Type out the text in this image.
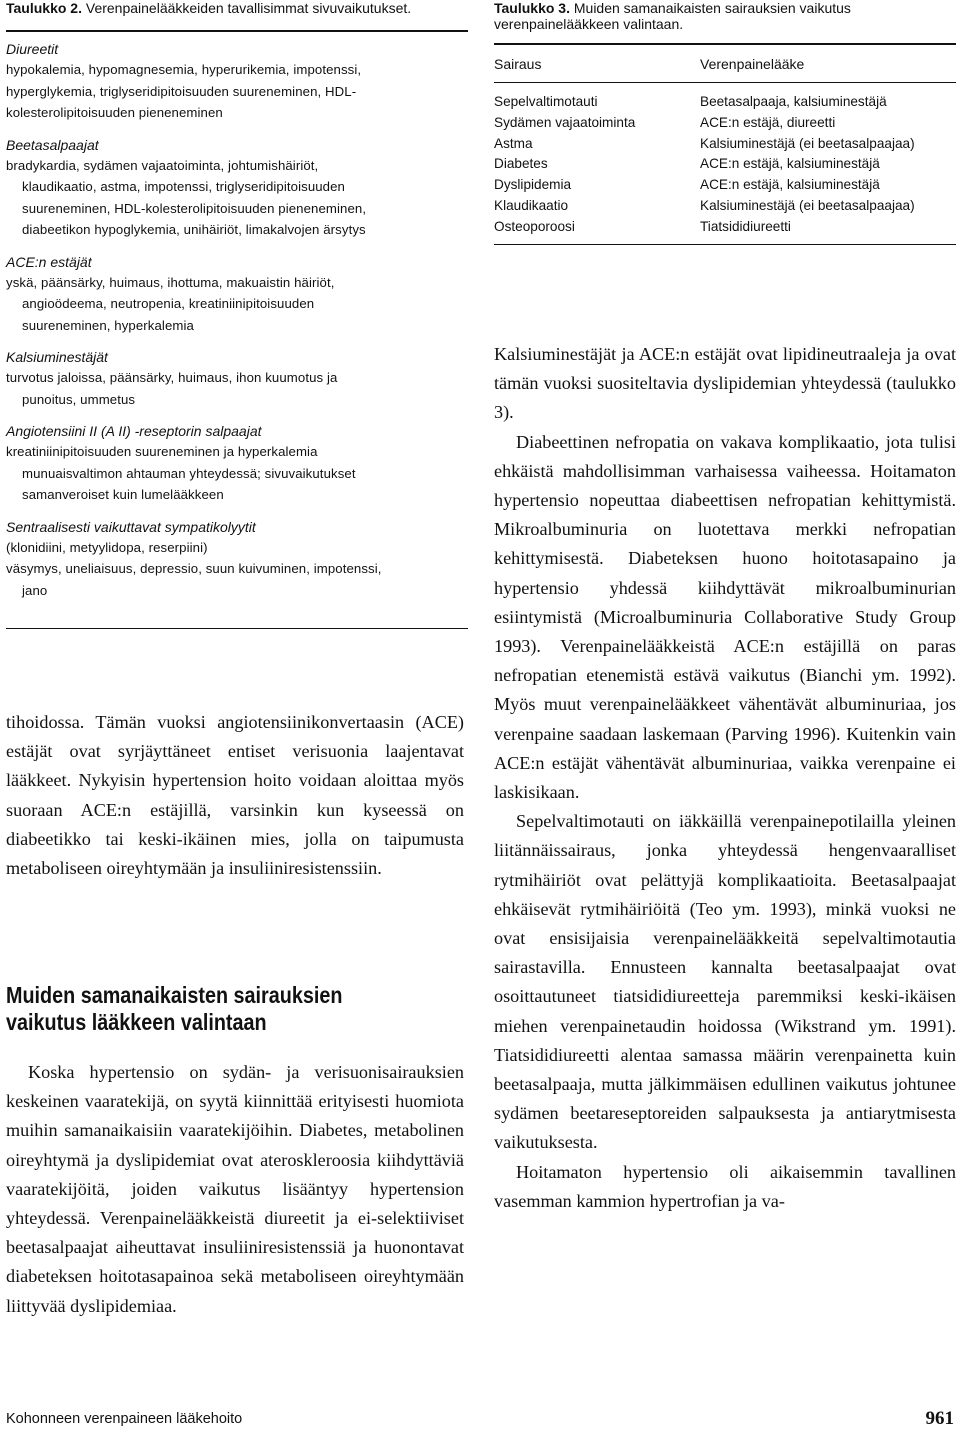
Taulukko 2. Verenpainelääkkeiden tavallisimmat sivuvaikutukset.
Diureetit
hypokalemia, hypomagnesemia, hyperurikemia, impotenssi,
hyperglykemia, triglyseridipitoisuuden suureneminen, HDL-
kolesterolipitoisuuden pieneneminen
Beetasalpaajat
bradykardia, sydämen vajaatoiminta, johtumishäiriöt,
klaudikaatio, astma, impotenssi, triglyseridipitoisuuden
suureneminen, HDL-kolesterolipitoisuuden pieneneminen,
diabeetikon hypoglykemia, unihäiriöt, limakalvojen ärsytys
ACE:n estäjät
yskä, päänsärky, huimaus, ihottuma, makuaistin häiriöt,
angioödeema, neutropenia, kreatiniinipitoisuuden
suureneminen, hyperkalemia
Kalsiuminestäjät
turvotus jaloissa, päänsärky, huimaus, ihon kuumotus ja
punoitus, ummetus
Angiotensiini II (A II) -reseptorin salpaajat
kreatiniinipitoisuuden suureneminen ja hyperkalemia
munuaisvaltimon ahtauman yhteydessä; sivuvaikutukset
samanveroiset kuin lumelääkkeen
Sentraalisesti vaikuttavat sympatikolyytit
(klonidiini, metyylidopa, reserpiini)
väsymys, uneliaisuus, depressio, suun kuivuminen, impotenssi,
jano

tihoidossa. Tämän vuoksi angiotensiinikonvertaasin (ACE) estäjät ovat syrjäyttäneet entiset verisuonia laajentavat lääkkeet. Nykyisin hypertension hoito voidaan aloittaa myös suoraan ACE:n estäjillä, varsinkin kun kyseessä on diabeetikko tai keski-ikäinen mies, jolla on taipumusta metaboliseen oireyhtymään ja insuliiniresistenssiin.

Muiden samanaikaisten sairauksien
vaikutus lääkkeen valintaan

Koska hypertensio on sydän- ja verisuonisairauksien keskeinen vaaratekijä, on syytä kiinnittää erityisesti huomiota muihin samanaikaisiin vaaratekijöihin. Diabetes, metabolinen oireyhtymä ja dyslipidemiat ovat ateroskleroosia kiihdyttäviä vaaratekijöitä, joiden vaikutus lisääntyy hypertension yhteydessä. Verenpainelääkkeistä diureetit ja ei-selektiiviset beetasalpaajat aiheuttavat insuliiniresistenssiä ja huonontavat diabeteksen hoitotasapainoa sekä metaboliseen oireyhtymään liittyvää dyslipidemiaa.

Taulukko 3. Muiden samanaikaisten sairauksien vaikutus
verenpainelääkkeen valintaan.
Sairaus	Verenpainelääke
Sepelvaltimotauti	Beetasalpaaja, kalsiuminestäjä
Sydämen vajaatoiminta	ACE:n estäjä, diureetti
Astma	Kalsiuminestäjä (ei beetasalpaajaa)
Diabetes	ACE:n estäjä, kalsiuminestäjä
Dyslipidemia	ACE:n estäjä, kalsiuminestäjä
Klaudikaatio	Kalsiuminestäjä (ei beetasalpaajaa)
Osteoporoosi	Tiatsididiureetti

Kalsiuminestäjät ja ACE:n estäjät ovat lipidineutraaleja ja ovat tämän vuoksi suositeltavia dyslipidemian yhteydessä (taulukko 3).

Diabeettinen nefropatia on vakava komplikaatio, jota tulisi ehkäistä mahdollisimman varhaisessa vaiheessa. Hoitamaton hypertensio nopeuttaa diabeettisen nefropatian kehittymistä. Mikroalbuminuria on luotettava merkki nefropatian kehittymisestä. Diabeteksen huono hoitotasapaino ja hypertensio yhdessä kiihdyttävät mikroalbuminurian esiintymistä (Microalbuminuria Collaborative Study Group 1993). Verenpainelääkkeistä ACE:n estäjillä on paras nefropatian etenemistä estävä vaikutus (Bianchi ym. 1992). Myös muut verenpainelääkkeet vähentävät albuminuriaa, jos verenpaine saadaan laskemaan (Parving 1996). Kuitenkin vain ACE:n estäjät vähentävät albuminuriaa, vaikka verenpaine ei laskisikaan.

Sepelvaltimotauti on iäkkäillä verenpainepotilailla yleinen liitännäissairaus, jonka yhteydessä hengenvaaralliset rytmihäiriöt ovat pelättyjä komplikaatioita. Beetasalpaajat ehkäisevät rytmihäiriöitä (Teo ym. 1993), minkä vuoksi ne ovat ensisijaisia verenpainelääkkeitä sepelvaltimotautia sairastavilla. Ennusteen kannalta beetasalpaajat ovat osoittautuneet tiatsididiureetteja paremmiksi keski-ikäisen miehen verenpainetaudin hoidossa (Wikstrand ym. 1991). Tiatsididiureetti alentaa samassa määrin verenpainetta kuin beetasalpaaja, mutta jälkimmäisen edullinen vaikutus johtunee sydämen beetareseptoreiden salpauksesta ja antiarytmisesta vaikutuksesta.

Hoitamaton hypertensio oli aikaisemmin tavallinen vasemman kammion hypertrofian ja va-

Kohonneen verenpaineen lääkehoito	961
